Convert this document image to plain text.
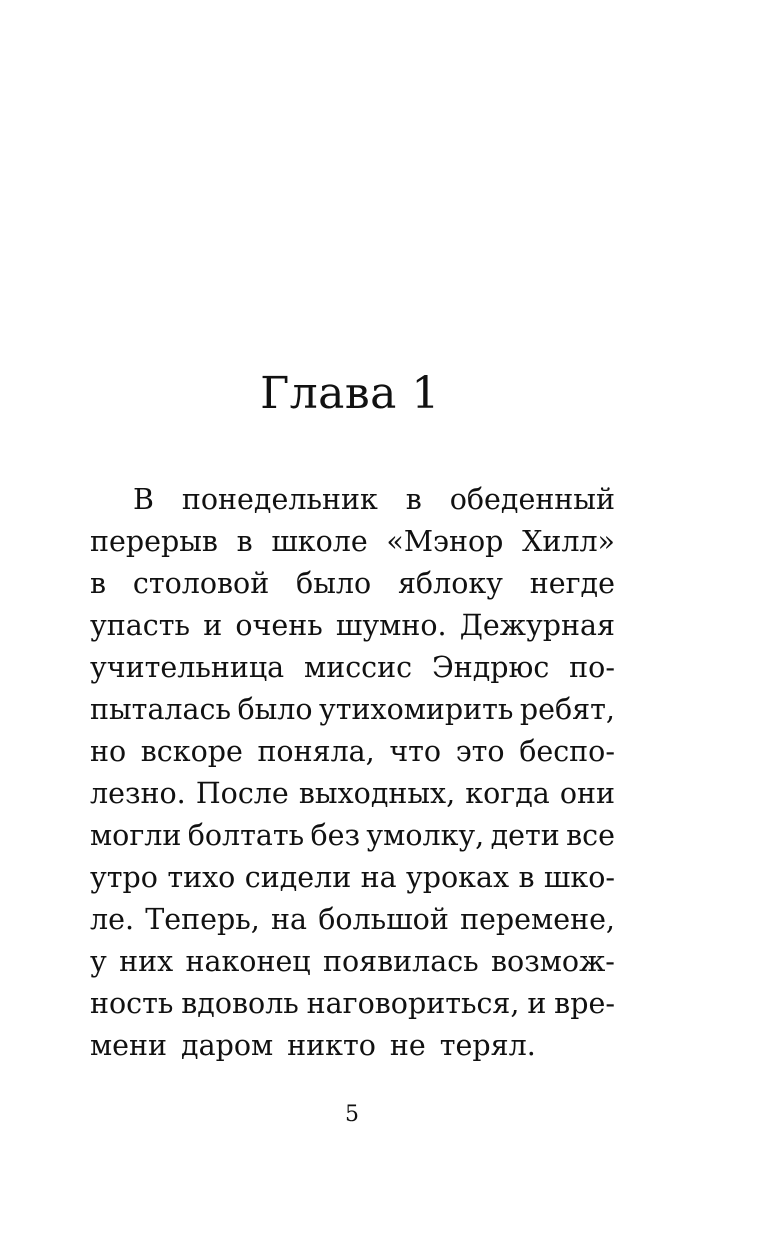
Глава 1
В понедельник в обеденный
перерыв в школе «Мэнор Хилл»
в столовой было яблоку негде
упасть и очень шумно. Дежурная
учительница миссис Эндрюс по-
пыталась было утихомирить ребят,
но вскоре поняла, что это беспо-
лезно. После выходных, когда они
могли болтать без умолку, дети все
утро тихо сидели на уроках в шко-
ле. Теперь, на большой перемене,
у них наконец появилась возмож-
ность вдоволь наговориться, и вре-
мени даром никто не терял.
5
